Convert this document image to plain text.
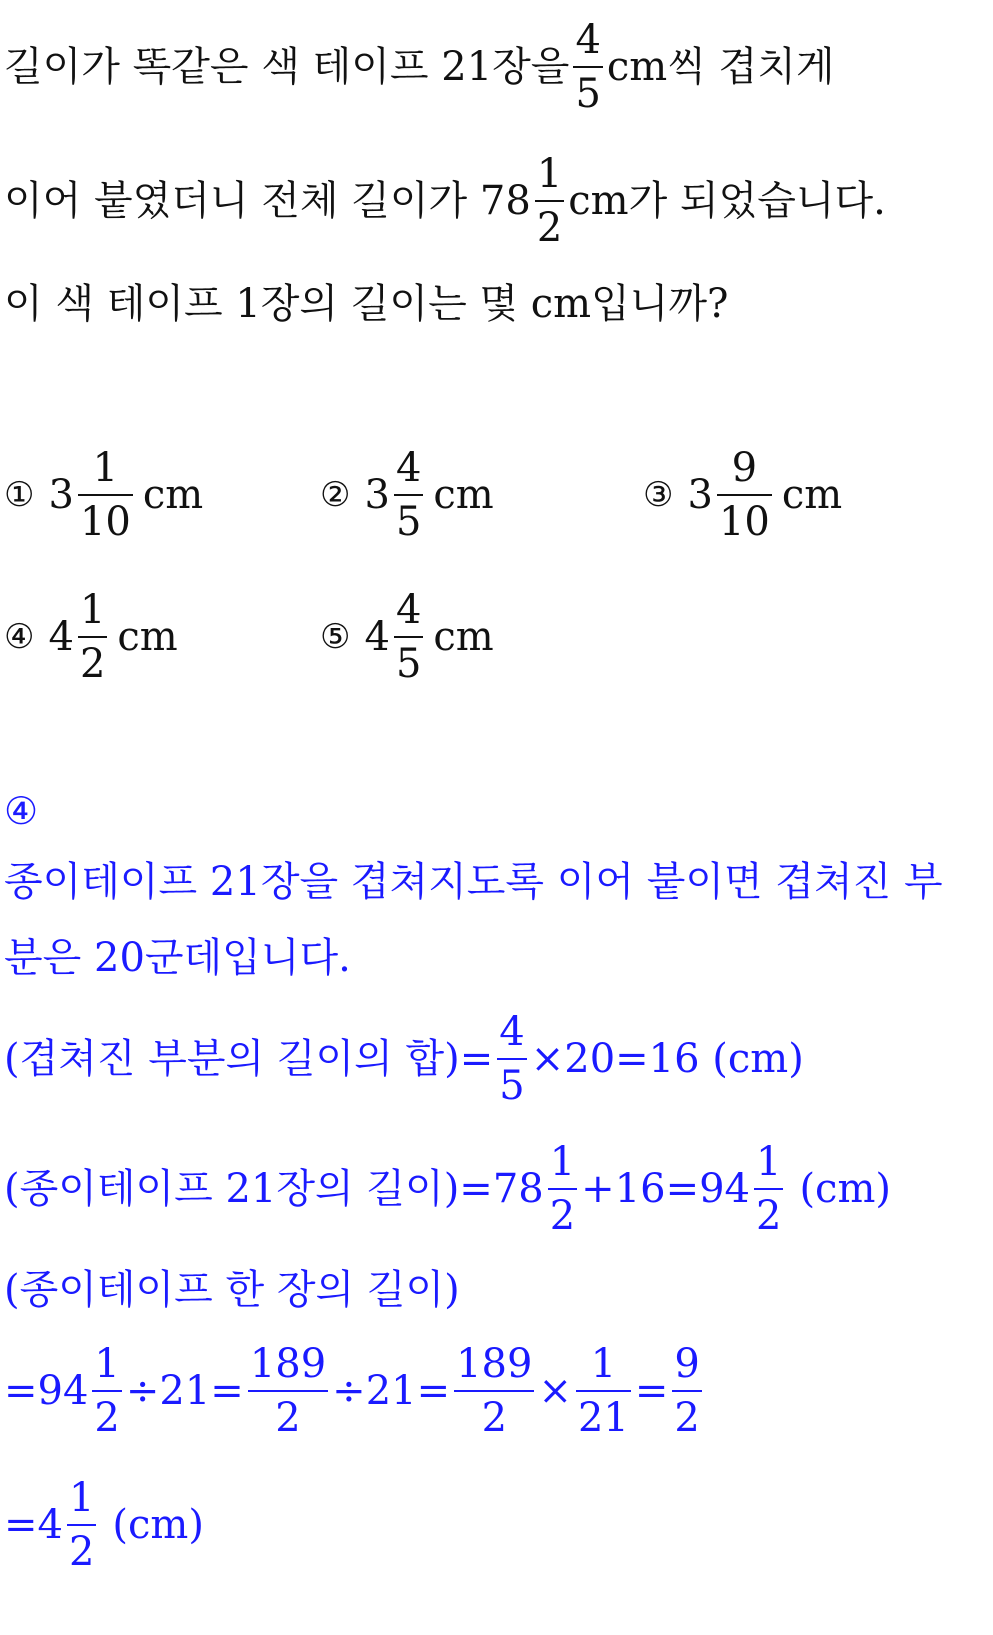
길이가 똑같은 색 테이프 21장을 $\frac{4}{5}$ cm씩 겹치게
이어 붙였더니 전체 길이가 $78 \frac{1}{2}$ cm가 되었습니다.
이 색 테이프 1장의 길이는 몇 cm입니까?
① $3 \frac{1}{10}$ cm	② $3 \frac{4}{5}$ cm	③ $3 \frac{9}{10}$ cm
④ $4 \frac{1}{2}$ cm	⑤ $4 \frac{4}{5}$ cm
④
종이테이프 21장을 겹쳐지도록 이어 붙이면 겹쳐진 부
분은 20군데입니다.
(겹쳐진 부분의 길이의 합)= $\frac{4}{5} \times 20=16$ (cm)
(종이테이프 21장의 길이)$=78 \frac{1}{2} +16=94 \frac{1}{2} (cm)$
(종이테이프 한 장의 길이)
$=94 \frac{1}{2} \div 21= \frac{189}{2} \div 21= \frac{189}{2} \times \frac{1}{21} = \frac{9}{2}$
$=4 \frac{1}{2} (cm)$
